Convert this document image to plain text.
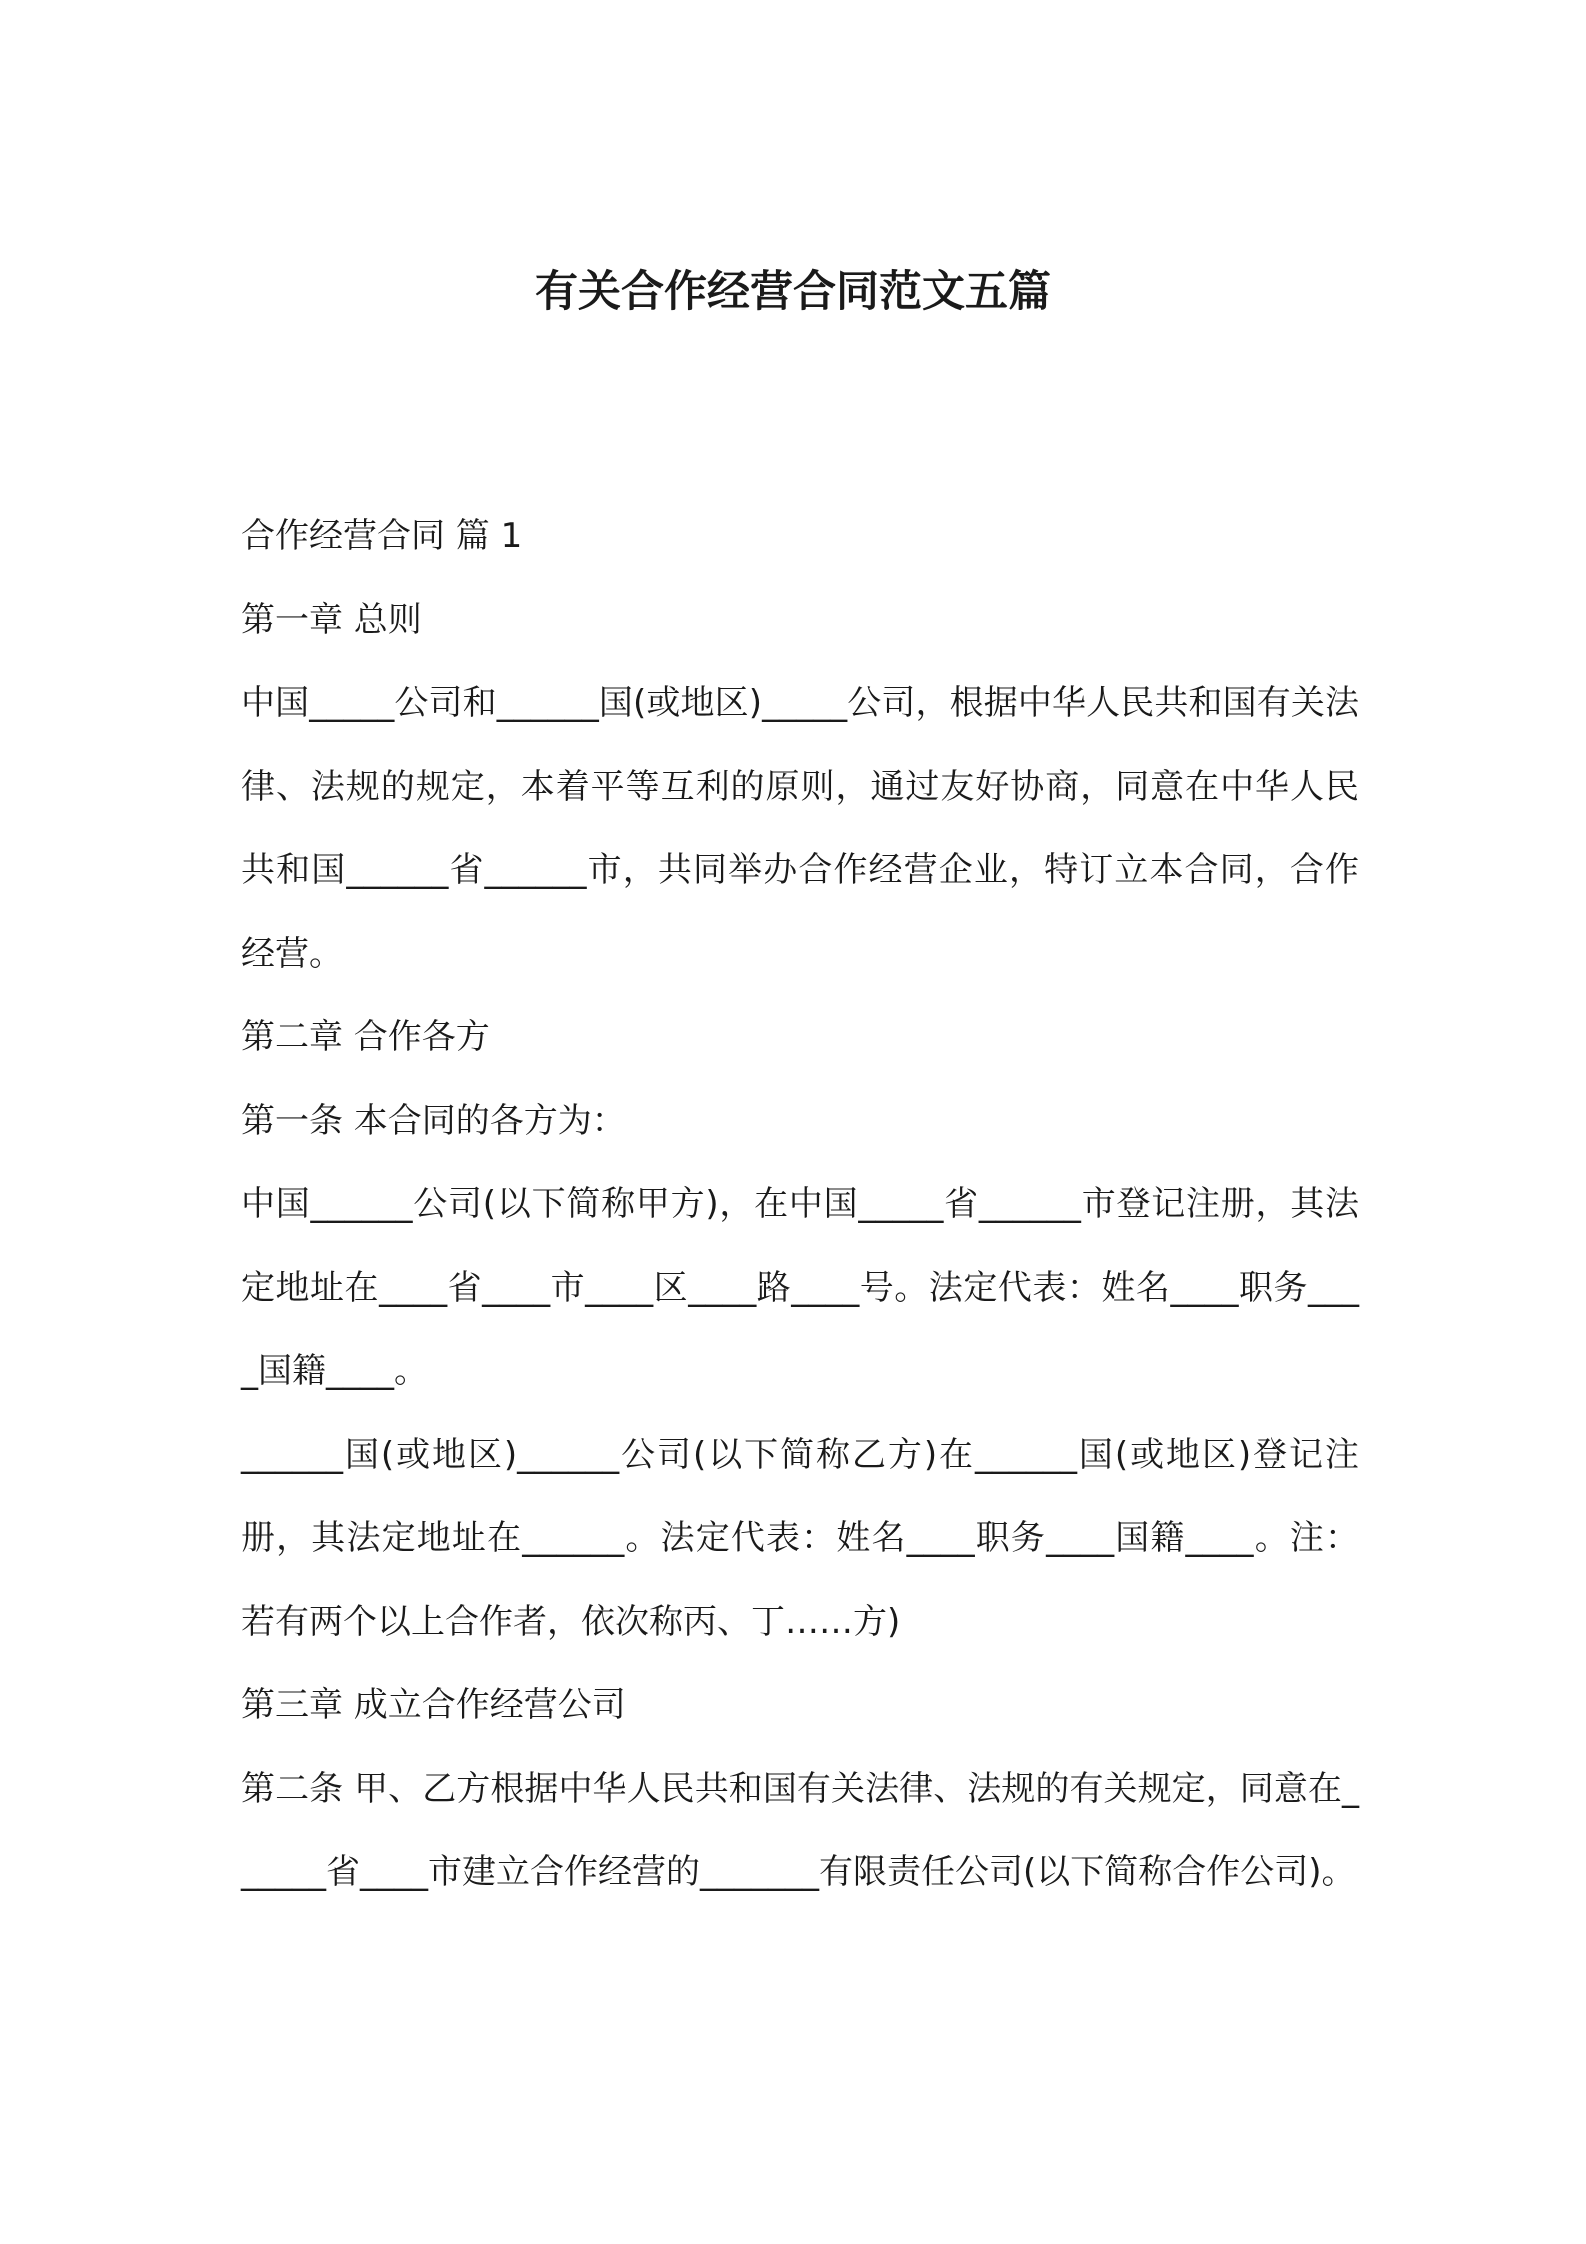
有关合作经营合同范文五篇

合作经营合同 篇 1

第一章 总则

中国_____公司和______国(或地区)_____公司，根据中华人民共和国有关法律、法规的规定，本着平等互利的原则，通过友好协商，同意在中华人民共和国______省______市，共同举办合作经营企业，特订立本合同，合作经营。

第二章 合作各方

第一条 本合同的各方为：

中国______公司(以下简称甲方)，在中国_____省______市登记注册，其法定地址在____省____市____区____路____号。法定代表：姓名____职务____国籍____。

______国(或地区)______公司(以下简称乙方)在______国(或地区)登记注册，其法定地址在______。法定代表：姓名____职务____国籍____。注：若有两个以上合作者，依次称丙、丁……方)

第三章 成立合作经营公司

第二条 甲、乙方根据中华人民共和国有关法律、法规的有关规定，同意在______省____市建立合作经营的_______有限责任公司(以下简称合作公司)。
